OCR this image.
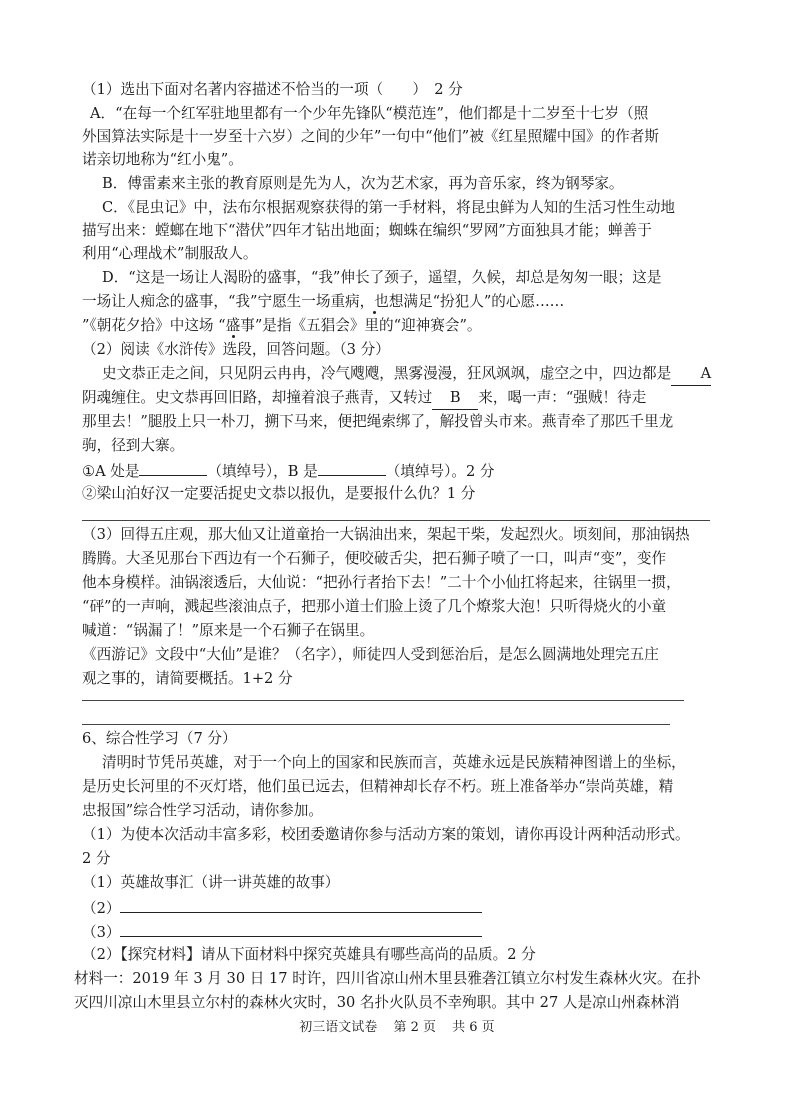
（1）选出下面对名著内容描述不恰当的一项（　　）　2 分
A．“在每一个红军驻地里都有一个少年先锋队“模范连”，他们都是十二岁至十七岁（照
外国算法实际是十一岁至十六岁）之间的少年”一句中“他们”被《红星照耀中国》的作者斯
诺亲切地称为“红小鬼”。
B．傅雷素来主张的教育原则是先为人，次为艺术家，再为音乐家，终为钢琴家。
C．《昆虫记》中，法布尔根据观察获得的第一手材料，将昆虫鲜为人知的生活习性生动地
描写出来：螳螂在地下“潜伏”四年才钻出地面；蜘蛛在编织“罗网”方面独具才能；蝉善于
利用“心理战术”制服敌人。
D．“这是一场让人渴盼的盛事，“我”伸长了颈子，遥望，久候，却总是匆匆一眼；这是
一场让人痴念的盛事，“我”宁愿生一场重病，也想满足“扮犯人”的心愿……
”《朝花夕拾》中这场 “盛事”是指《五猖会》里的“迎神赛会”。
（2）阅读《水浒传》选段，回答问题。（3 分）
史文恭正走之间，只见阴云冉冉，冷气飕飕，黑雾漫漫，狂风飒飒，虚空之中，四边都是 A
阴魂缠住。史文恭再回旧路，却撞着浪子燕青，又转过 B 来，喝一声：“强贼！待走
那里去！”腿股上只一朴刀，搠下马来，便把绳索绑了，解投曾头市来。燕青牵了那匹千里龙
驹，径到大寨。
①A 处是	（填绰号），B 是	（填绰号）。2 分
②梁山泊好汉一定要活捉史文恭以报仇，是要报什么仇？1 分
（3）回得五庄观，那大仙又让道童抬一大锅油出来，架起干柴，发起烈火。顷刻间，那油锅热
腾腾。大圣见那台下西边有一个石狮子，便咬破舌尖，把石狮子喷了一口，叫声“变”，变作
他本身模样。油锅滚透后，大仙说：“把孙行者抬下去！”二十个小仙扛将起来，往锅里一掼，
“砰”的一声响，溅起些滚油点子，把那小道士们脸上烫了几个燎浆大泡！只听得烧火的小童
喊道：“锅漏了！”原来是一个石狮子在锅里。
《西游记》文段中“大仙”是谁？（名字），师徒四人受到惩治后，是怎么圆满地处理完五庄
观之事的，请简要概括。1+2 分
6、综合性学习（7 分）
清明时节凭吊英雄，对于一个向上的国家和民族而言，英雄永远是民族精神图谱上的坐标，
是历史长河里的不灭灯塔，他们虽已远去，但精神却长存不朽。班上准备举办“崇尚英雄，精
忠报国”综合性学习活动，请你参加。
（1）为使本次活动丰富多彩，校团委邀请你参与活动方案的策划，请你再设计两种活动形式。
2 分
（1）英雄故事汇（讲一讲英雄的故事）
（2）
（3）
（2）【探究材料】请从下面材料中探究英雄具有哪些高尚的品质。2 分
材料一：2019 年 3 月 30 日 17 时许，四川省凉山州木里县雅砻江镇立尔村发生森林火灾。在扑
灭四川凉山木里县立尔村的森林火灾时，30 名扑火队员不幸殉职。其中 27 人是凉山州森林消
初三语文试卷 第 2 页 共 6 页
